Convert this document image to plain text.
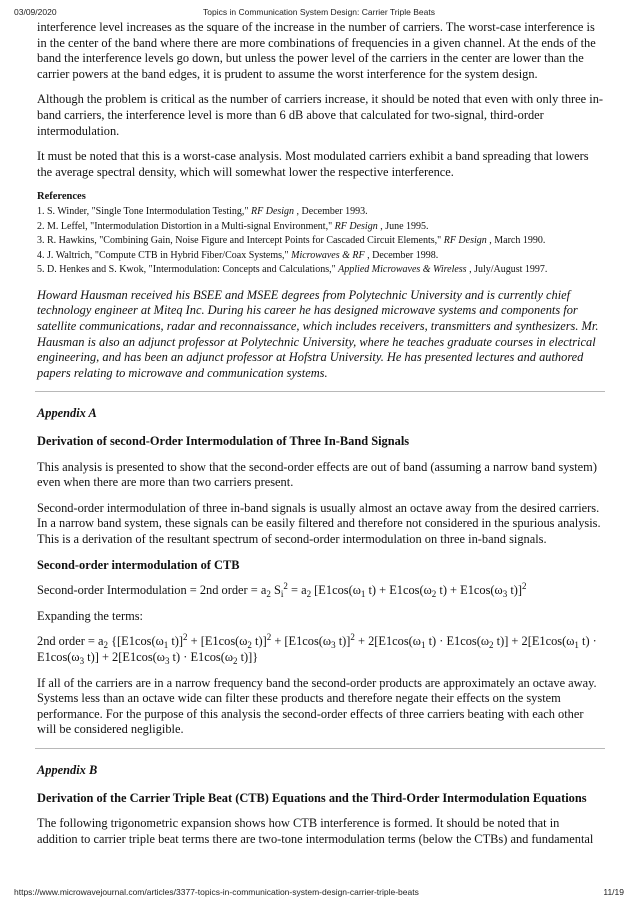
03/09/2020	Topics in Communication System Design: Carrier Triple Beats

interference level increases as the square of the increase in the number of carriers. The worst-case interference is in the center of the band where there are more combinations of frequencies in a given channel. At the ends of the band the interference levels go down, but unless the power level of the carriers in the center are lower than the carrier powers at the band edges, it is prudent to assume the worst interference for the system design.

Although the problem is critical as the number of carriers increase, it should be noted that even with only three in-band carriers, the interference level is more than 6 dB above that calculated for two-signal, third-order intermodulation.

It must be noted that this is a worst-case analysis. Most modulated carriers exhibit a band spreading that lowers the average spectral density, which will somewhat lower the respective interference.

References
1. S. Winder, "Single Tone Intermodulation Testing," RF Design , December 1993.
2. M. Leffel, "Intermodulation Distortion in a Multi-signal Environment," RF Design , June 1995.
3. R. Hawkins, "Combining Gain, Noise Figure and Intercept Points for Cascaded Circuit Elements," RF Design , March 1990.
4. J. Waltrich, "Compute CTB in Hybrid Fiber/Coax Systems," Microwaves & RF , December 1998.
5. D. Henkes and S. Kwok, "Intermodulation: Concepts and Calculations," Applied Microwaves & Wireless , July/August 1997.

Howard Hausman received his BSEE and MSEE degrees from Polytechnic University and is currently chief technology engineer at Miteq Inc. During his career he has designed microwave systems and components for satellite communications, radar and reconnaissance, which includes receivers, transmitters and synthesizers. Mr. Hausman is also an adjunct professor at Polytechnic University, where he teaches graduate courses in electrical engineering, and has been an adjunct professor at Hofstra University. He has presented lectures and authored papers relating to microwave and communication systems.

Appendix A
Derivation of second-Order Intermodulation of Three In-Band Signals

This analysis is presented to show that the second-order effects are out of band (assuming a narrow band system) even when there are more than two carriers present.

Second-order intermodulation of three in-band signals is usually almost an octave away from the desired carriers. In a narrow band system, these signals can be easily filtered and therefore not considered in the spurious analysis. This is a derivation of the resultant spectrum of second-order intermodulation on three in-band signals.

Second-order intermodulation of CTB

Second-order Intermodulation = 2nd order = $a_2$ $S_i^2 = a_2$ [$E1\cos(\omega_1$ $t) + E1\cos(\omega_2$ $t) + E1\cos(\omega_3$ t)]$^2$

Expanding the terms:

2nd order = $a_2$ {[$E1\cos(\omega_1$ $t)]^2 + [E1\cos(\omega_2$ $t)]^2 + [E1\cos(\omega_3$ $t)]^2 + 2[E1\cos(\omega_1$ $t) \cdot E1\cos(\omega_2$ $t)] + 2[E1\cos(\omega_1$ $t) \cdot E1\cos(\omega_3$ $t)] + 2[E1\cos(\omega_3$ $t) \cdot E1\cos(\omega_2$ t)]}

If all of the carriers are in a narrow frequency band the second-order products are approximately an octave away. Systems less than an octave wide can filter these products and therefore negate their effects on the system performance. For the purpose of this analysis the second-order effects of three carriers beating with each other will be considered negligible.

Appendix B
Derivation of the Carrier Triple Beat (CTB) Equations and the Third-Order Intermodulation Equations

The following trigonometric expansion shows how CTB interference is formed. It should be noted that in addition to carrier triple beat terms there are two-tone intermodulation terms (below the CTBs) and fundamental

https://www.microwavejournal.com/articles/3377-topics-in-communication-system-design-carrier-triple-beats	11/19
